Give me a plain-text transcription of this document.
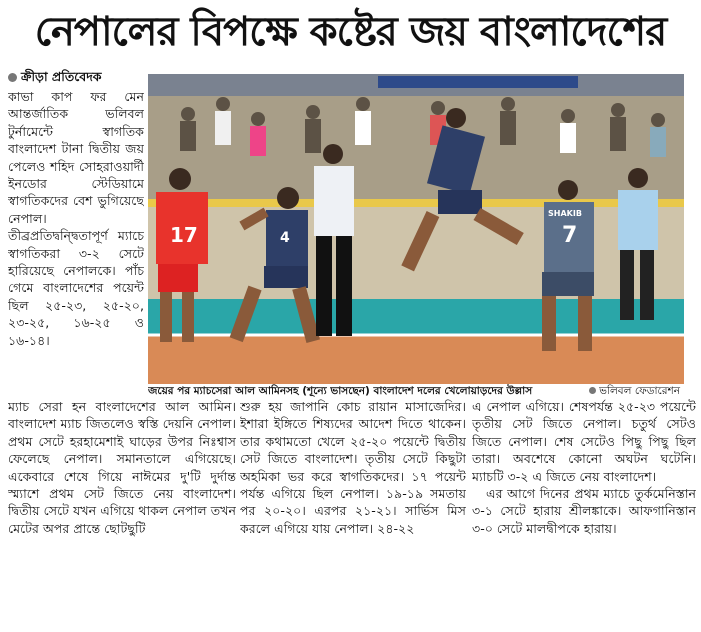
নেপালের বিপক্ষে কষ্টের জয় বাংলাদেশের
ক্রীড়া প্রতিবেদক

কাভা কাপ ফর মেন আন্তর্জাতিক ভলিবল টুর্নামেন্টে স্বাগতিক বাংলাদেশ টানা দ্বিতীয় জয় পেলেও শহিদ সোহরাওয়ার্দী ইনডোর স্টেডিয়ামে স্বাগতিকদের বেশ ভুগিয়েছে নেপাল। তীব্রপ্রতিদ্বন্দ্বিতাপূর্ণ ম্যাচে স্বাগতিকরা ৩-২ সেটে হারিয়েছে নেপালকে। পাঁচ গেমে বাংলাদেশের পয়েন্ট ছিল ২৫-২৩, ২৫-২০, ২৩-২৫, ১৬-২৫ ও ১৬-১৪।

17	4
SHAKIB
7
জয়ের পর ম্যাচসেরা আল আমিনসহ (শূন্যে ভাসছেন) বাংলাদেশ দলের খেলোয়াড়দের উল্লাস	ভলিবল ফেডারেশন

ম্যাচ সেরা হন বাংলাদেশের আল আমিন। বাংলাদেশ ম্যাচ জিতলেও স্বস্তি দেয়নি নেপাল। প্রথম সেটে হরহামেশাই ঘাড়ের উপর নিঃশ্বাস ফেলেছে নেপাল। সমানতালে এগিয়েছে। একেবারে শেষে গিয়ে নাঈমের দু'টি দুর্দান্ত স্ম্যাশে প্রথম সেট জিতে নেয় বাংলাদেশ। দ্বিতীয় সেটে যখন এগিয়ে থাকল নেপাল তখন মেটের অপর প্রান্তে ছোটছুটি

শুরু হয় জাপানি কোচ রায়ান মাসাজেদির। ইশারা ইঙ্গিতে শিষ্যদের আদেশ দিতে থাকেন। তার কথামতো খেলে ২৫-২০ পয়েন্টে দ্বিতীয় সেট জিতে বাংলাদেশ। তৃতীয় সেটে কিছুটা অহমিকা ভর করে স্বাগতিকদের। ১৭ পয়েন্ট পর্যন্ত এগিয়ে ছিল নেপাল। ১৯-১৯ সমতায় পর ২০-২০। এরপর ২১-২১। সার্ভিস মিস করলে এগিয়ে যায় নেপাল। ২৪-২২

এ নেপাল এগিয়ে। শেষপর্যন্ত ২৫-২৩ পয়েন্টে তৃতীয় সেট জিতে নেপাল। চতুর্থ সেটও জিতে নেপাল। শেষ সেটেও পিছু পিছু ছিল তারা। অবশেষে কোনো অঘটন ঘটেনি। ম্যাচটি ৩-২ এ জিতে নেয় বাংলাদেশ।

এর আগে দিনের প্রথম ম্যাচে তুর্কমেনিস্তান ৩-১ সেটে হারায় শ্রীলঙ্কাকে। আফগানিস্তান ৩-০ সেটে মালদ্বীপকে হারায়।
